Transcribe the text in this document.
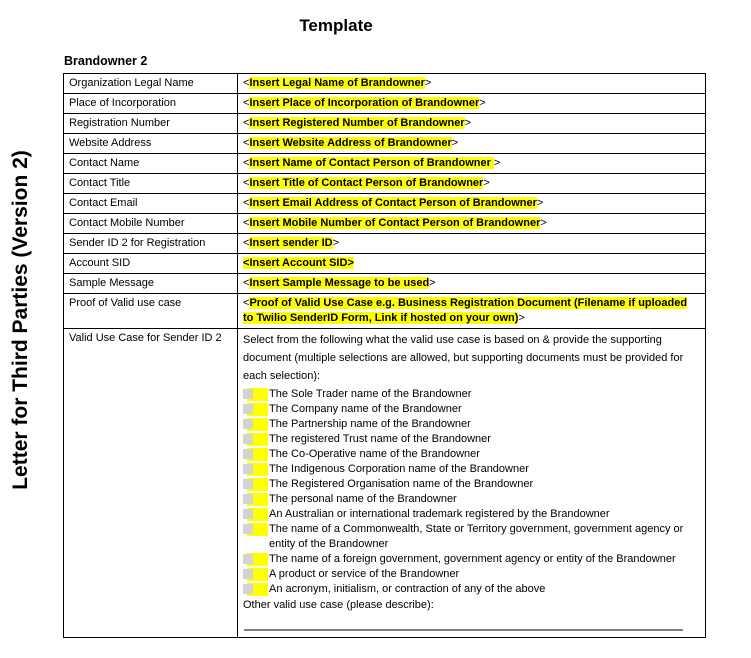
Letter for Third Parties (Version 2)
Template
Brandowner 2
Organization Legal Name	<Insert Legal Name of Brandowner>
Place of Incorporation	<Insert Place of Incorporation of Brandowner>
Registration Number	<Insert Registered Number of Brandowner>
Website Address	<Insert Website Address of Brandowner>
Contact Name	<Insert Name of Contact Person of Brandowner >
Contact Title	<Insert Title of Contact Person of Brandowner>
Contact Email	<Insert Email Address of Contact Person of Brandowner>
Contact Mobile Number	<Insert Mobile Number of Contact Person of Brandowner>
Sender ID 2 for Registration	<Insert sender ID>
Account SID	<Insert Account SID>
Sample Message	<Insert Sample Message to be used>
Proof of Valid use case	<Proof of Valid Use Case e.g. Business Registration Document (Filename if uploaded to Twilio SenderID Form, Link if hosted on your own)>
Valid Use Case for Sender ID 2	Select from the following what the valid use case is based on & provide the supporting document (multiple selections are allowed, but supporting documents must be provided for each selection):
The Sole Trader name of the Brandowner
The Company name of the Brandowner
The Partnership name of the Brandowner
The registered Trust name of the Brandowner
The Co-Operative name of the Brandowner
The Indigenous Corporation name of the Brandowner
The Registered Organisation name of the Brandowner
The personal name of the Brandowner
An Australian or international trademark registered by the Brandowner
The name of a Commonwealth, State or Territory government, government agency or entity of the Brandowner
The name of a foreign government, government agency or entity of the Brandowner
A product or service of the Brandowner
An acronym, initialism, or contraction of any of the above
Other valid use case (please describe):
